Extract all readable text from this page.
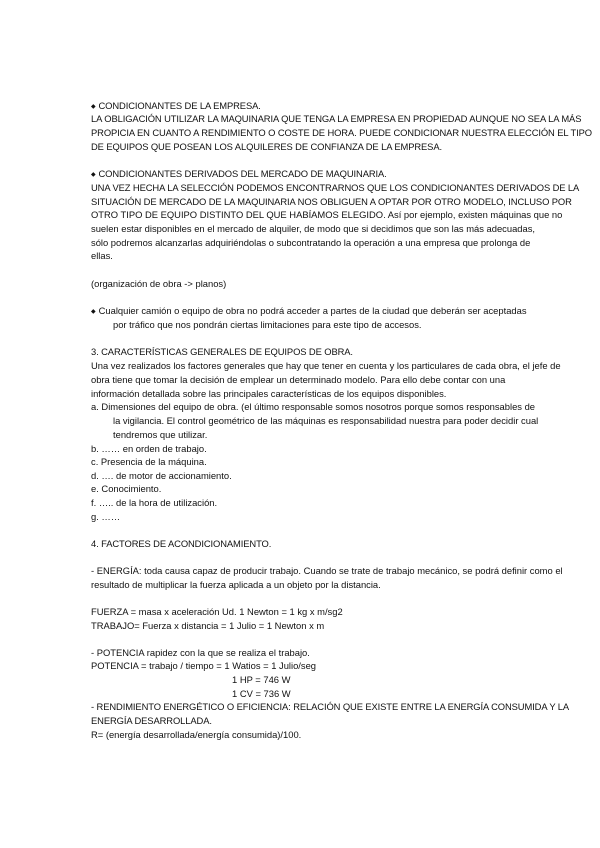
◆ CONDICIONANTES DE LA EMPRESA.
LA OBLIGACIÓN UTILIZAR LA MAQUINARIA QUE TENGA LA EMPRESA EN PROPIEDAD AUNQUE NO SEA LA MÁS
PROPICIA EN CUANTO A RENDIMIENTO O COSTE DE HORA. PUEDE CONDICIONAR NUESTRA ELECCIÓN EL TIPO
DE EQUIPOS QUE POSEAN LOS ALQUILERES DE CONFIANZA DE LA EMPRESA.
◆ CONDICIONANTES DERIVADOS DEL MERCADO DE MAQUINARIA.
UNA VEZ HECHA LA SELECCIÓN PODEMOS ENCONTRARNOS QUE LOS CONDICIONANTES DERIVADOS DE LA
SITUACIÓN DE MERCADO DE LA MAQUINARIA NOS OBLIGUEN A OPTAR POR OTRO MODELO, INCLUSO POR
OTRO TIPO DE EQUIPO DISTINTO DEL QUE HABÍAMOS ELEGIDO. Así por ejemplo, existen máquinas que no
suelen estar disponibles en el mercado de alquiler, de modo que si decidimos que son las más adecuadas,
sólo podremos alcanzarlas adquiriéndolas o subcontratando la operación a una empresa que prolonga de
ellas.
(organización de obra -> planos)
◆ Cualquier camión o equipo de obra no podrá acceder a partes de la ciudad que deberán ser aceptadas
por tráfico que nos pondrán ciertas limitaciones para este tipo de accesos.
3. CARACTERÍSTICAS GENERALES DE EQUIPOS DE OBRA.
Una vez realizados los factores generales que hay que tener en cuenta y los particulares de cada obra, el jefe de
obra tiene que tomar la decisión de emplear un determinado modelo. Para ello debe contar con una
información detallada sobre las principales características de los equipos disponibles.
a. Dimensiones del equipo de obra. (el último responsable somos nosotros porque somos responsables de
la vigilancia. El control geométrico de las máquinas es responsabilidad nuestra para poder decidir cual
tendremos que utilizar.
b. …… en orden de trabajo.
c. Presencia de la máquina.
d. …. de motor de accionamiento.
e. Conocimiento.
f. ….. de la hora de utilización.
g. ……
4. FACTORES DE ACONDICIONAMIENTO.
- ENERGÍA: toda causa capaz de producir trabajo. Cuando se trate de trabajo mecánico, se podrá definir como el
resultado de multiplicar la fuerza aplicada a un objeto por la distancia.
FUERZA = masa x aceleración Ud. 1 Newton = 1 kg x m/sg2
TRABAJO= Fuerza x distancia = 1 Julio = 1 Newton x m
- POTENCIA rapidez con la que se realiza el trabajo.
POTENCIA = trabajo / tiempo = 1 Watios = 1 Julio/seg
1 HP = 746 W
1 CV = 736 W
- RENDIMIENTO ENERGÉTICO O EFICIENCIA: RELACIÓN QUE EXISTE ENTRE LA ENERGÍA CONSUMIDA Y LA
ENERGÍA DESARROLLADA.
R= (energía desarrollada/energía consumida)/100.
